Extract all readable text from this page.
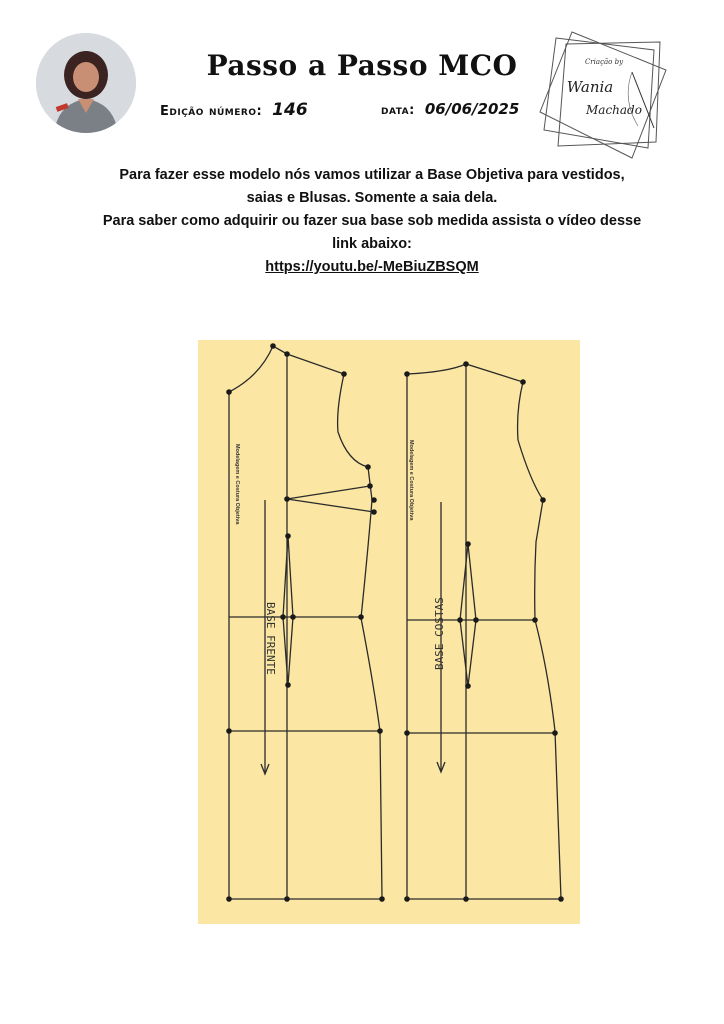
Passo a Passo MCO
Edição número: 146	data: 06/06/2025
Criação by
Wania
Machado
Para fazer esse modelo nós vamos utilizar a Base Objetiva para vestidos,
saias e Blusas. Somente a saia dela.
Para saber como adquirir ou fazer sua base sob medida assista o vídeo desse
link abaixo:
https://youtu.be/-MeBiuZBSQM
BASE FRENTE	BASE COSTAS
Modelagem e Costura Objetiva	Modelagem e Costura Objetiva
